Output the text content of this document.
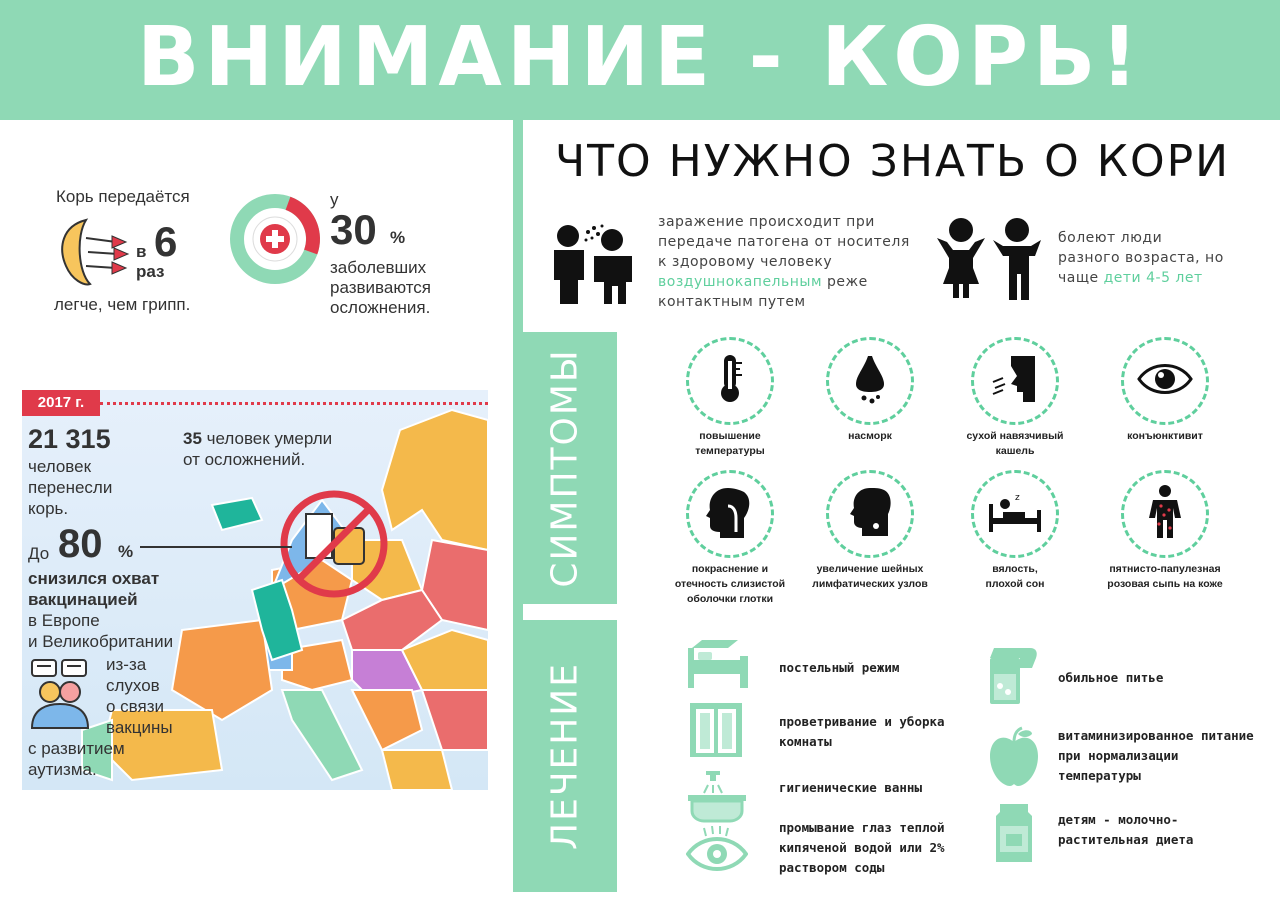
ВНИМАНИЕ - КОРЬ!
СИМПТОМЫ
ЛЕЧЕНИЕ
ЧТО НУЖНО ЗНАТЬ О КОРИ
заражение происходит при
передаче патогена от носителя
к здоровому человеку
воздушнокапельным реже
контактным путем
болеют люди
разного возраста, но
чаще дети 4-5 лет
повышение
температуры
насморк	сухой навязчивый
кашель
конъюнктивит
покраснение и
отечность слизистой
оболочки глотки
увеличение шейных
лимфатических узлов
z
вялость,
плохой сон
пятнисто-папулезная
розовая сыпь на коже
постельный режим
проветривание и уборка
комнаты
гигиенические ванны
промывание глаз теплой
кипяченой водой или 2%
раствором соды
обильное питье
витаминизированное питание
при нормализации
температуры
детям - молочно-
растительная диета
Корь передаётся
в 6
раз
легче, чем грипп.
у
30 %
заболевших
развиваются
осложнения.
2017 г.
21 315
человек
перенесли
корь.
35 человек умерли
от осложнений.
До 80 %
снизился охват
вакцинацией
в Европе
и Великобритании
из-за
слухов
о связи
вакцины
с развитием
аутизма.
